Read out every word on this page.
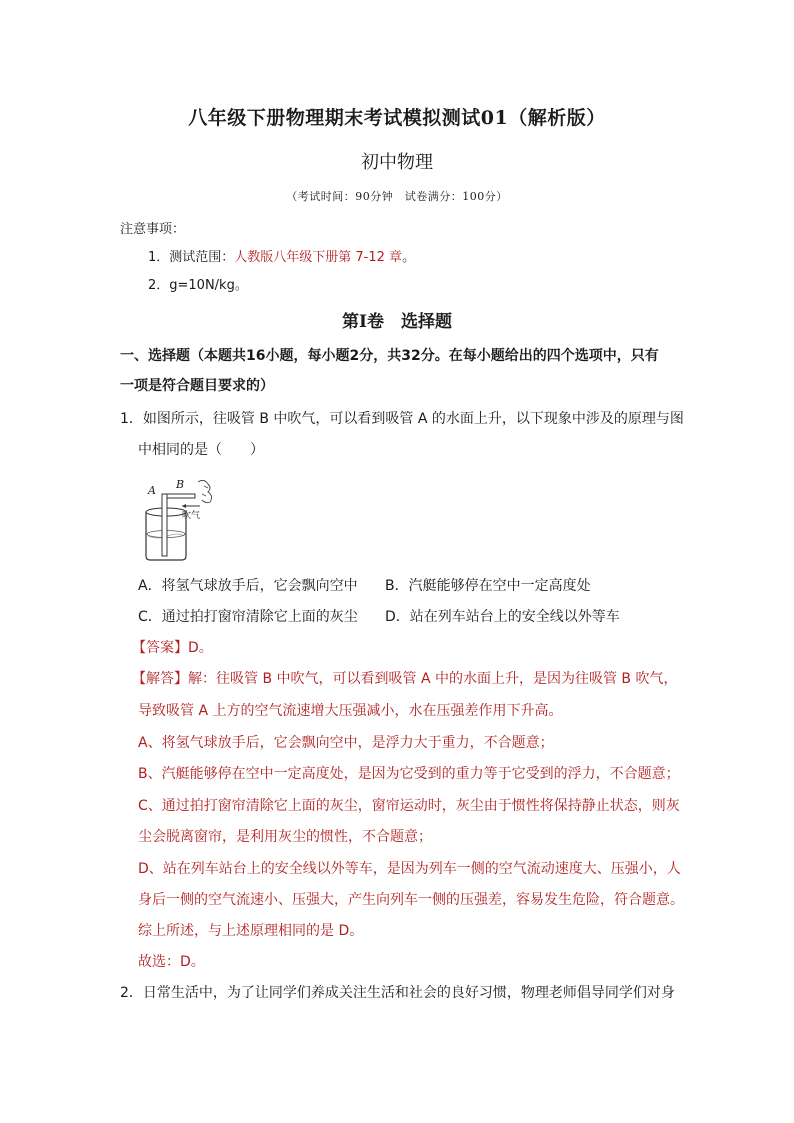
八年级下册物理期末考试模拟测试01（解析版）
初中物理
（考试时间：90分钟　试卷满分：100分）
注意事项：
1．测试范围：人教版八年级下册第 7-12 章。
2．g=10N/kg。
第Ⅰ卷　选择题
一、选择题（本题共16小题，每小题2分，共32分。在每小题给出的四个选项中，只有
一项是符合题目要求的）
1．如图所示，往吸管 B 中吹气，可以看到吸管 A 的水面上升，以下现象中涉及的原理与图
中相同的是（　　）
A B
吹气
A．将氢气球放手后，它会飘向空中 B．汽艇能够停在空中一定高度处
C．通过拍打窗帘清除它上面的灰尘 D．站在列车站台上的安全线以外等车
【答案】D。
【解答】解：往吸管 B 中吹气，可以看到吸管 A 中的水面上升，是因为往吸管 B 吹气，
导致吸管 A 上方的空气流速增大压强减小，水在压强差作用下升高。
A、将氢气球放手后，它会飘向空中，是浮力大于重力，不合题意；
B、汽艇能够停在空中一定高度处，是因为它受到的重力等于它受到的浮力，不合题意；
C、通过拍打窗帘清除它上面的灰尘，窗帘运动时，灰尘由于惯性将保持静止状态，则灰
尘会脱离窗帘，是利用灰尘的惯性，不合题意；
D、站在列车站台上的安全线以外等车，是因为列车一侧的空气流动速度大、压强小，人
身后一侧的空气流速小、压强大，产生向列车一侧的压强差，容易发生危险，符合题意。
综上所述，与上述原理相同的是 D。
故选：D。
2．日常生活中，为了让同学们养成关注生活和社会的良好习惯，物理老师倡导同学们对身
